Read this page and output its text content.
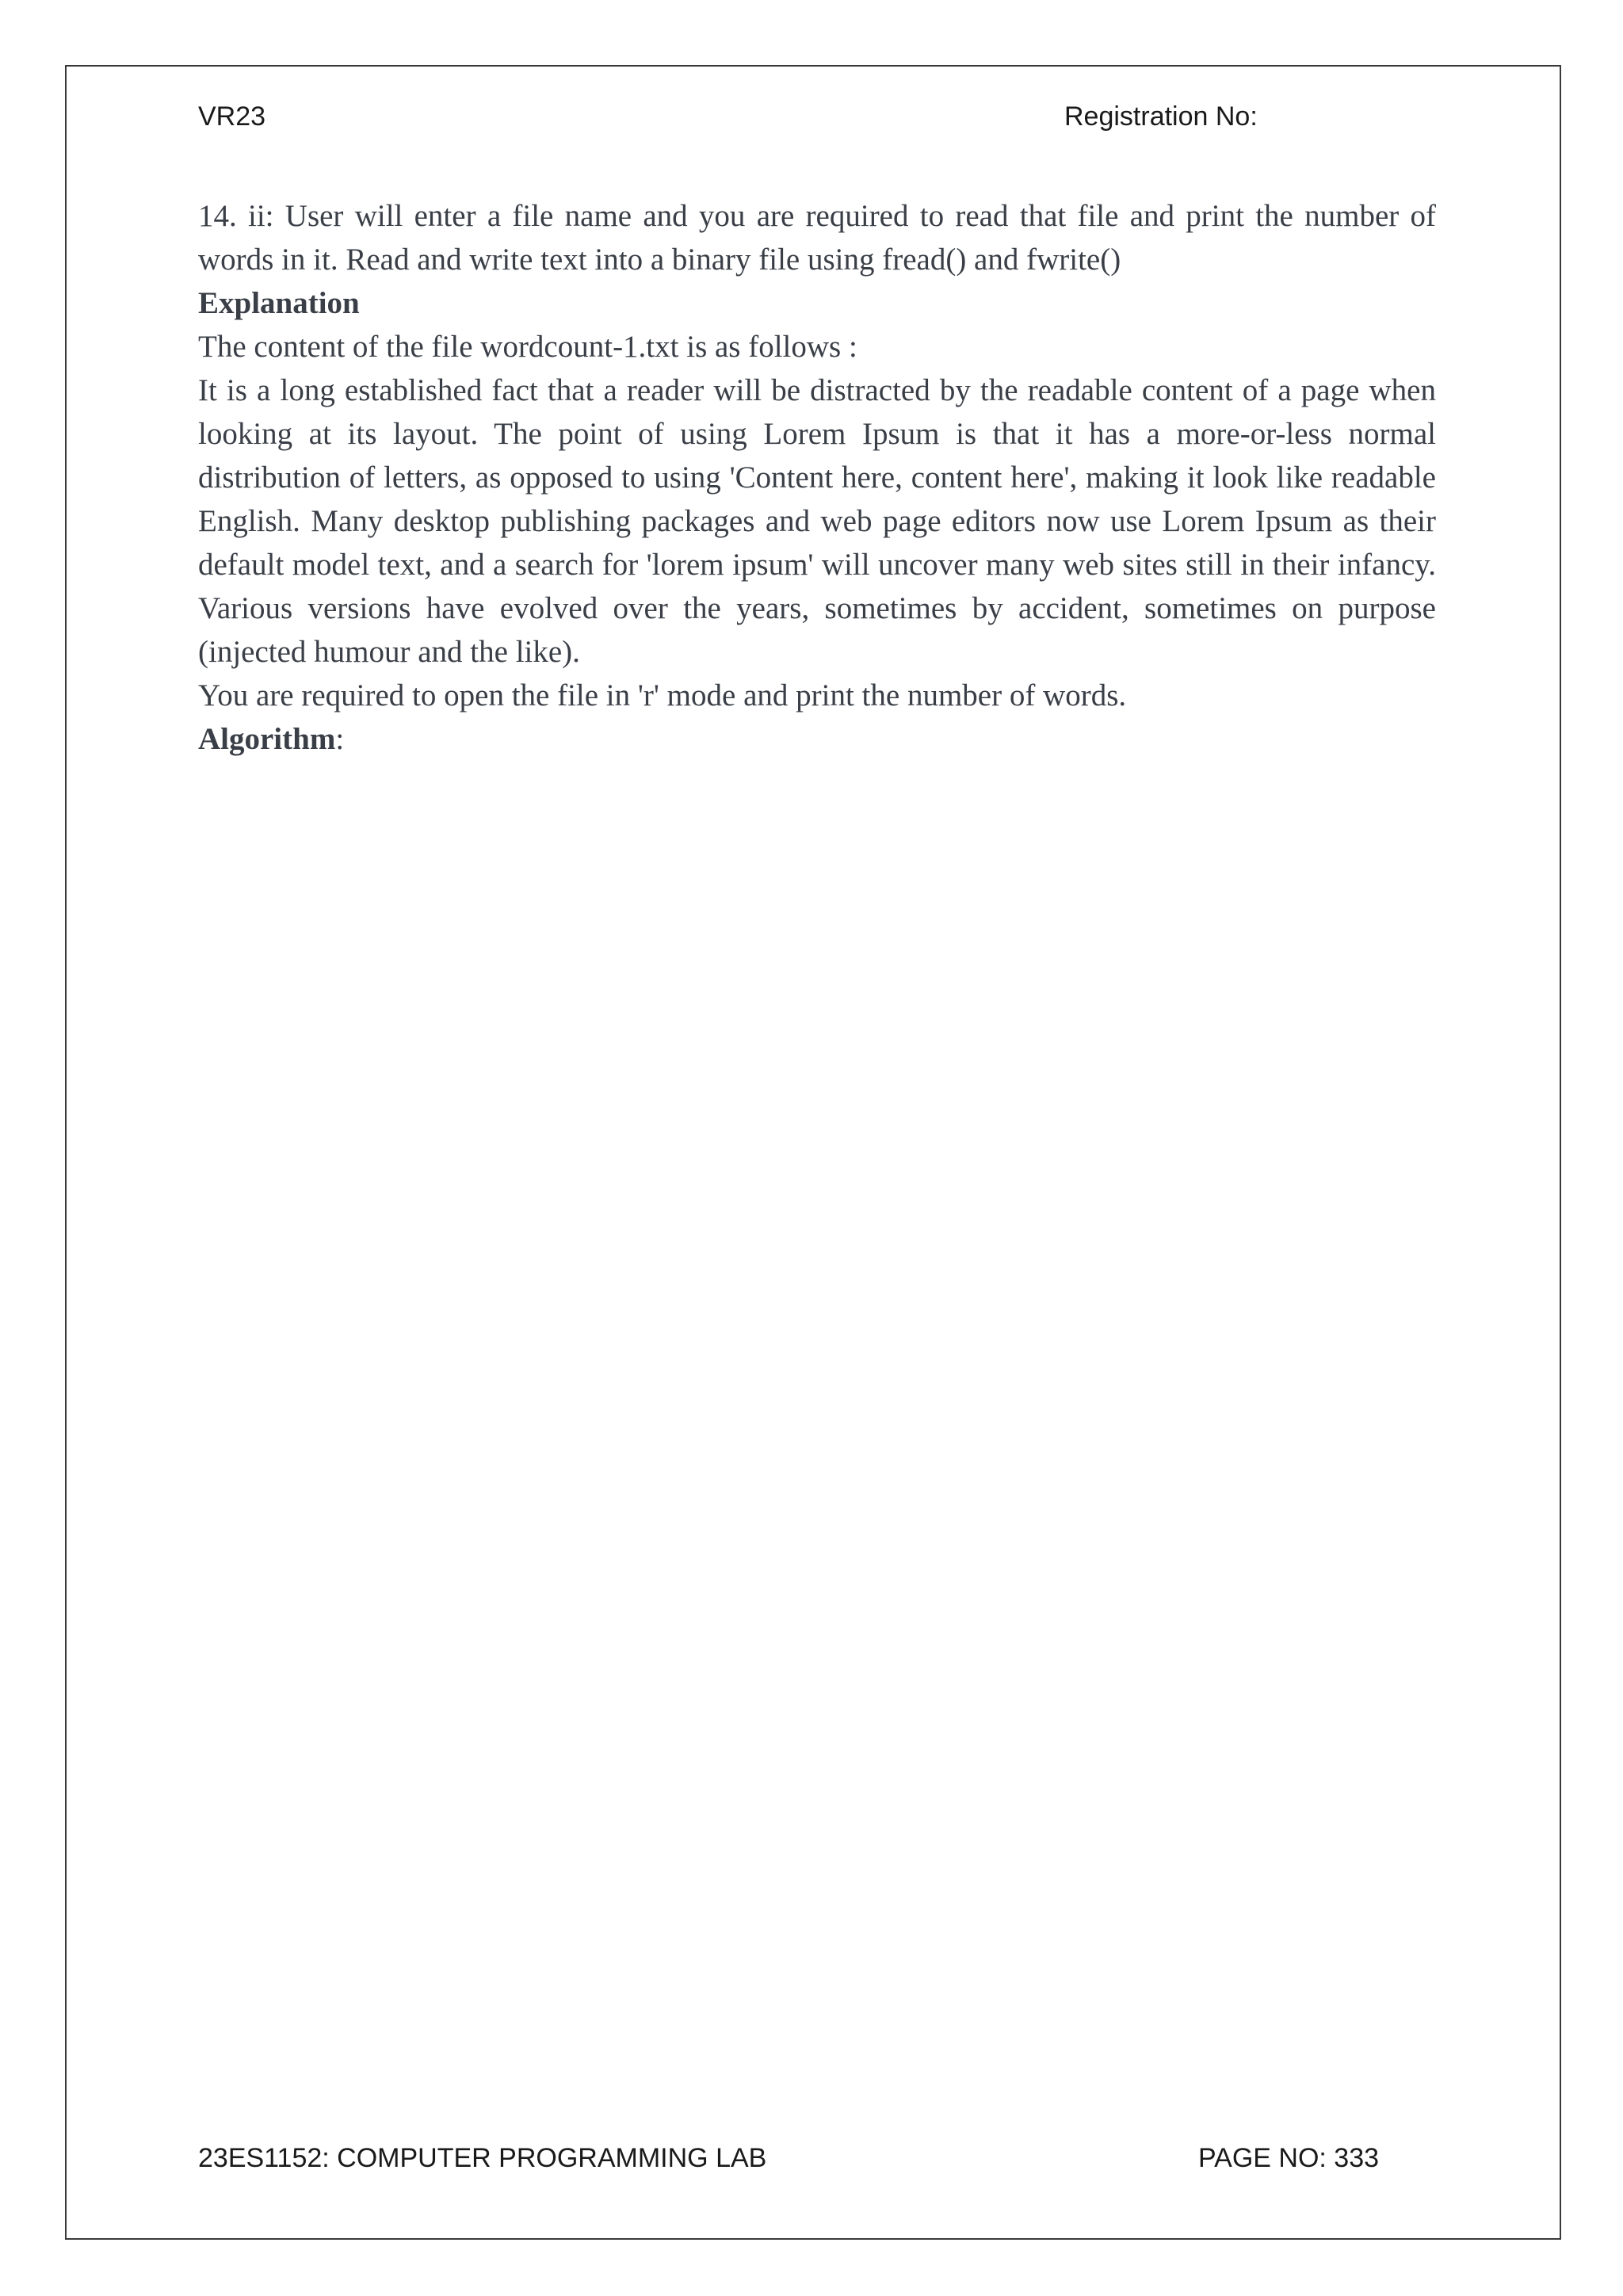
VR23	Registration No:

14. ii: User will enter a file name and you are required to read that file and print the number of words in it. Read and write text into a binary file using fread() and fwrite()

Explanation

The content of the file wordcount-1.txt is as follows :

It is a long established fact that a reader will be distracted by the readable content of a page when looking at its layout. The point of using Lorem Ipsum is that it has a more-or-less normal distribution of letters, as opposed to using 'Content here, content here', making it look like readable English. Many desktop publishing packages and web page editors now use Lorem Ipsum as their default model text, and a search for 'lorem ipsum' will uncover many web sites still in their infancy. Various versions have evolved over the years, sometimes by accident, sometimes on purpose (injected humour and the like).

You are required to open the file in 'r' mode and print the number of words.

Algorithm:

23ES1152: COMPUTER PROGRAMMING LAB	PAGE NO: 333
